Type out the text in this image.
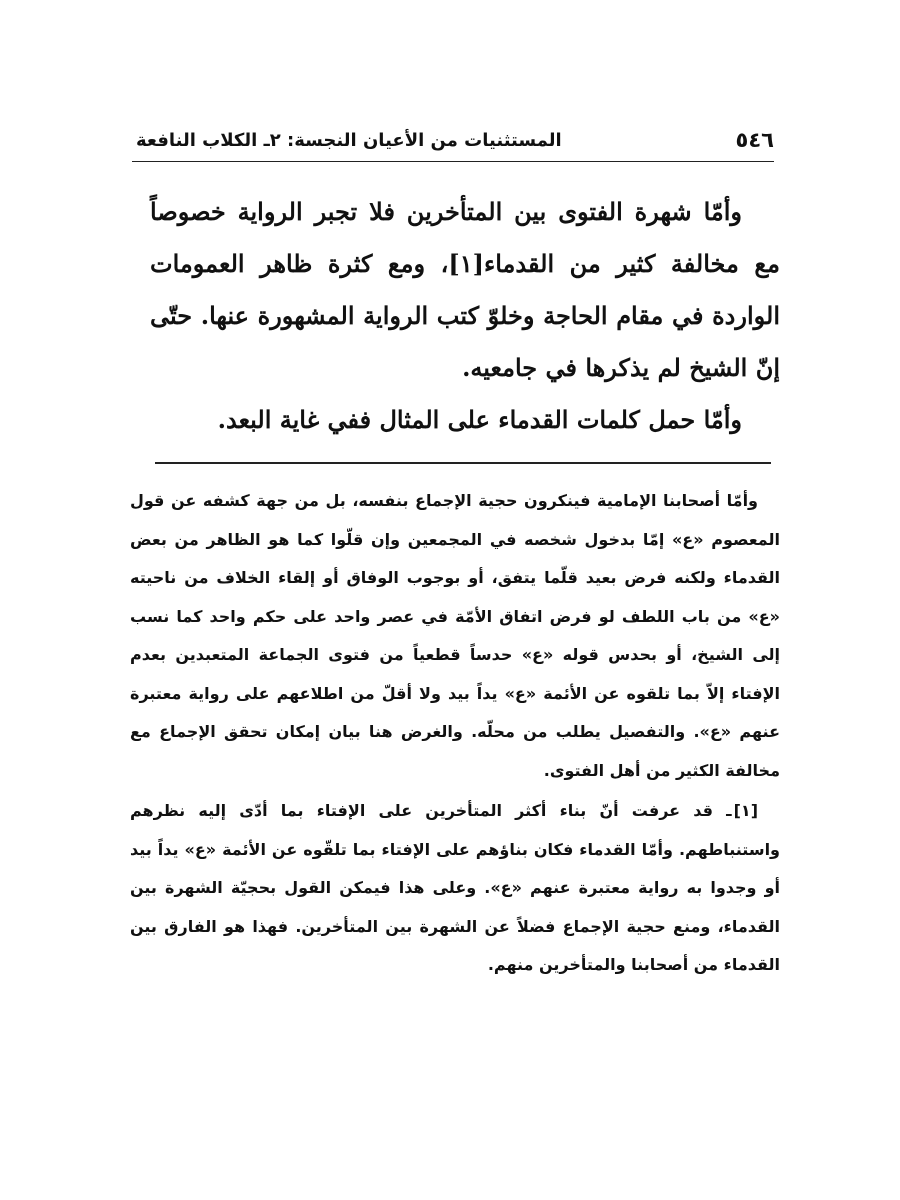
٥٤٦
المستثنيات من الأعيان النجسة: ٢ـ الكلاب النافعة

وأمّا شهرة الفتوى بين المتأخرين فلا تجبر الرواية خصوصاً مع مخالفة كثير من القدماء[١]، ومع كثرة ظاهر العمومات الواردة في مقام الحاجة وخلوّ كتب الرواية المشهورة عنها. حتّى إنّ الشيخ لم يذكرها في جامعيه.

وأمّا حمل كلمات القدماء على المثال ففي غاية البعد.

وأمّا أصحابنا الإمامية فينكرون حجية الإجماع بنفسه، بل من جهة كشفه عن قول المعصوم «ع» إمّا بدخول شخصه في المجمعين وإن قلّوا كما هو الظاهر من بعض القدماء ولكنه فرض بعيد قلّما يتفق، أو بوجوب الوفاق أو إلقاء الخلاف من ناحيته «ع» من باب اللطف لو فرض اتفاق الأمّة في عصر واحد على حكم واحد كما نسب إلى الشيخ، أو بحدس قوله «ع» حدساً قطعياً من فتوى الجماعة المتعبدين بعدم الإفتاء إلاّ بما تلقوه عن الأئمة «ع» يداً بيد ولا أقلّ من اطلاعهم على رواية معتبرة عنهم «ع». والتفصيل يطلب من محلّه. والغرض هنا بيان إمكان تحقق الإجماع مع مخالفة الكثير من أهل الفتوى.

[١]ـ قد عرفت أنّ بناء أكثر المتأخرين على الإفتاء بما أدّى إليه نظرهم واستنباطهم. وأمّا القدماء فكان بناؤهم على الإفتاء بما تلقّوه عن الأئمة «ع» يداً بيد أو وجدوا به رواية معتبرة عنهم «ع». وعلى هذا فيمكن القول بحجيّة الشهرة بين القدماء، ومنع حجية الإجماع فضلاً عن الشهرة بين المتأخرين. فهذا هو الفارق بين القدماء من أصحابنا والمتأخرين منهم.
